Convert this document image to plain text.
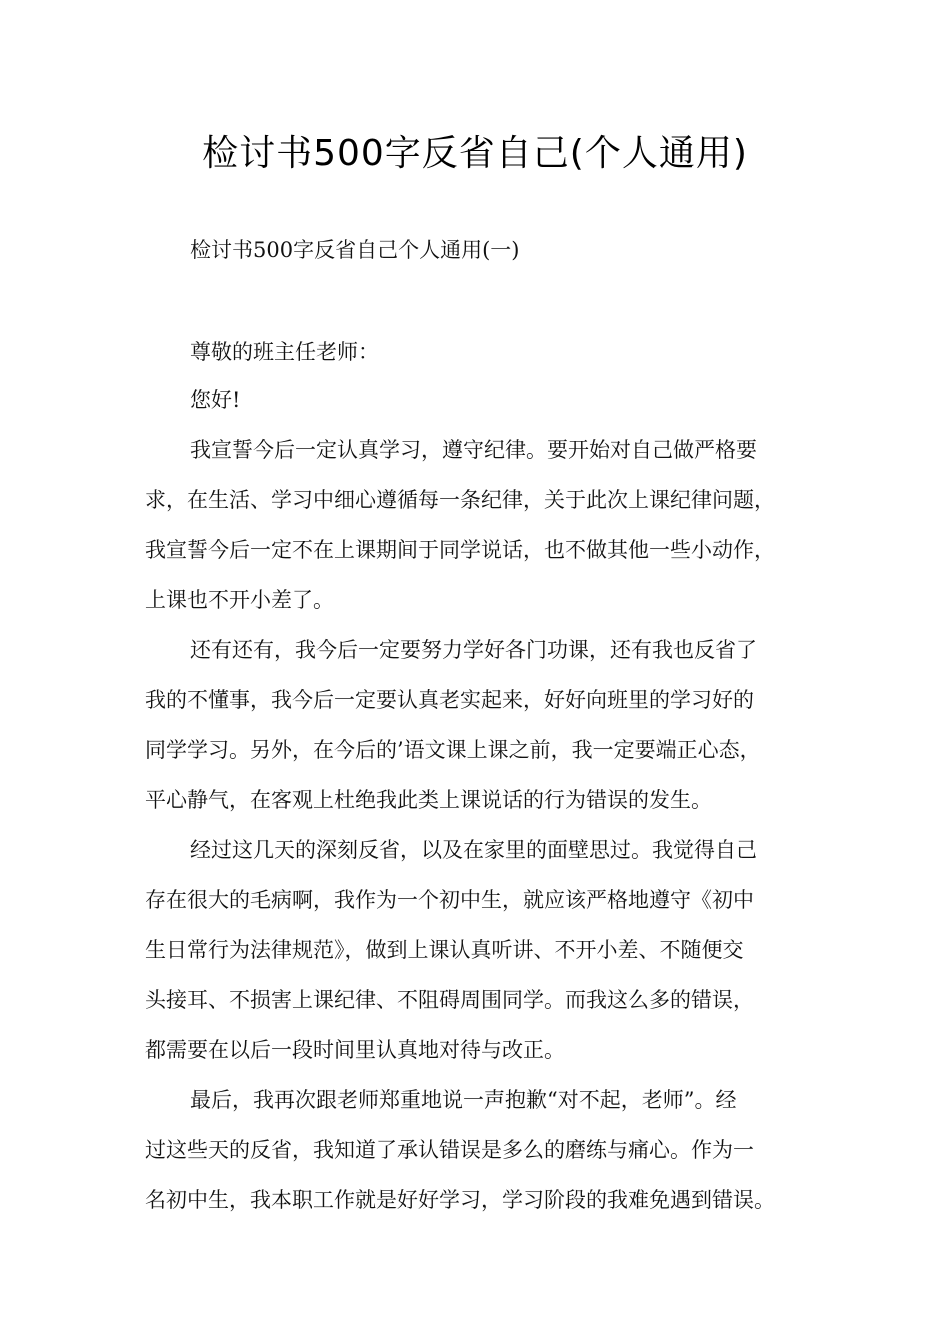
检讨书500字反省自己(个人通用)
检讨书500字反省自己个人通用(一)
尊敬的班主任老师：
您好!
我宣誓今后一定认真学习，遵守纪律。要开始对自己做严格要
求，在生活、学习中细心遵循每一条纪律，关于此次上课纪律问题，
我宣誓今后一定不在上课期间于同学说话，也不做其他一些小动作，
上课也不开小差了。
还有还有，我今后一定要努力学好各门功课，还有我也反省了
我的不懂事，我今后一定要认真老实起来，好好向班里的学习好的
同学学习。另外，在今后的’语文课上课之前，我一定要端正心态，
平心静气，在客观上杜绝我此类上课说话的行为错误的发生。
经过这几天的深刻反省，以及在家里的面壁思过。我觉得自己
存在很大的毛病啊，我作为一个初中生，就应该严格地遵守《初中
生日常行为法律规范》，做到上课认真听讲、不开小差、不随便交
头接耳、不损害上课纪律、不阻碍周围同学。而我这么多的错误，
都需要在以后一段时间里认真地对待与改正。
最后，我再次跟老师郑重地说一声抱歉“对不起，老师”。经
过这些天的反省，我知道了承认错误是多么的磨练与痛心。作为一
名初中生，我本职工作就是好好学习，学习阶段的我难免遇到错误。
